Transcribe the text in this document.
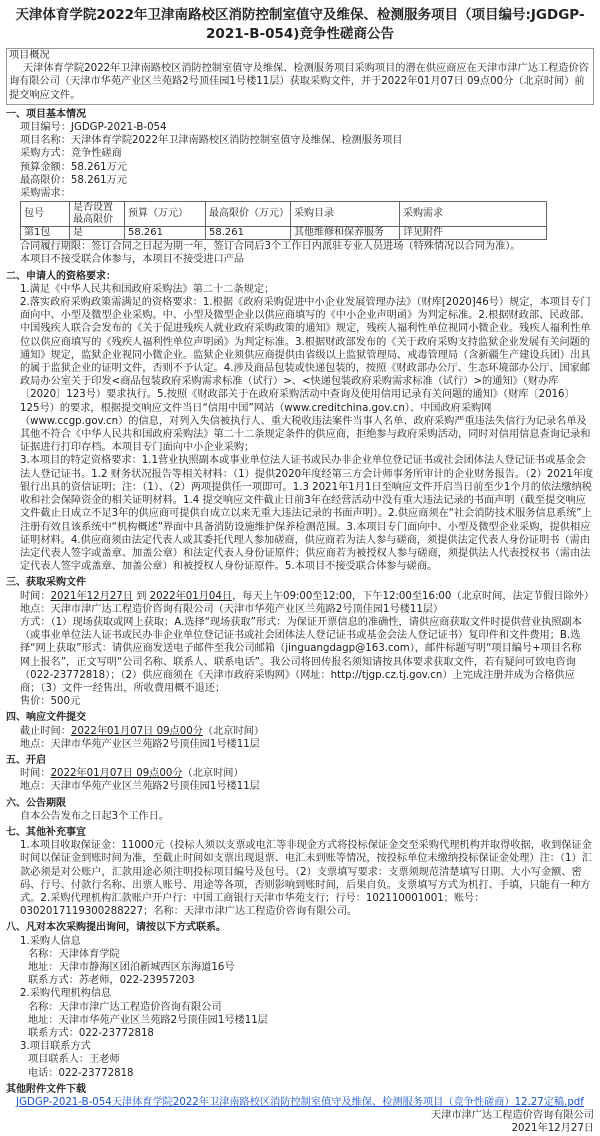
天津体育学院2022年卫津南路校区消防控制室值守及维保、检测服务项目（项目编号:JGDGP-2021-B-054)竞争性磋商公告
项目概况
天津体育学院2022年卫津南路校区消防控制室值守及维保、检测服务项目采购项目的潜在供应商应在天津市津广达工程造价咨询有限公司（天津市华苑产业区兰苑路2号顶佳园1号楼11层）获取采购文件，并于2022年01月07日 09点00分（北京时间）前提交响应文件。
一、项目基本情况
项目编号：JGDGP-2021-B-054
项目名称：天津体育学院2022年卫津南路校区消防控制室值守及维保、检测服务项目
采购方式：竞争性磋商
预算金额：58.261万元
最高限价：58.261万元
采购需求：
包号	是否设置最高限价	预算（万元）	最高限价（万元）	采购目录	采购需求
第1包	是	58.261	58.261	其他维修和保养服务	详见附件
合同履行期限：签订合同之日起为期一年，签订合同后3个工作日内派驻专业人员进场（特殊情况以合同为准）。
本项目不接受联合体参与，本项目不接受进口产品
二、申请人的资格要求：
1.满足《中华人民共和国政府采购法》第二十二条规定；
2.落实政府采购政策需满足的资格要求：1.根据《政府采购促进中小企业发展管理办法》（财库[2020]46号）规定，本项目专门面向中、小型及微型企业采购。中、小型及微型企业以供应商填写的《中小企业声明函》为判定标准。2.根据财政部、民政部、中国残疾人联合会发布的《关于促进残疾人就业政府采购政策的通知》规定，残疾人福利性单位视同小微企业。残疾人福利性单位以供应商填写的《残疾人福利性单位声明函》为判定标准。3.根据财政部发布的《关于政府采购支持监狱企业发展有关问题的通知》规定，监狱企业视同小微企业。监狱企业须供应商提供由省级以上监狱管理局、戒毒管理局（含新疆生产建设兵团）出具的属于监狱企业的证明文件，否则不予认定。4.涉及商品包装或快递包装的，按照《财政部办公厅、生态环境部办公厅、国家邮政局办公室关于印发<商品包装政府采购需求标准（试行）>、<快递包装政府采购需求标准（试行）>的通知》（财办库〔2020〕123号）要求执行。5.按照《财政部关于在政府采购活动中查询及使用信用记录有关问题的通知》（财库〔2016〕125号）的要求，根据提交响应文件当日“信用中国”网站（www.creditchina.gov.cn）、中国政府采购网（www.ccgp.gov.cn）的信息，对列入失信被执行人、重大税收违法案件当事人名单、政府采购严重违法失信行为记录名单及其他不符合《中华人民共和国政府采购法》第二十二条规定条件的供应商，拒绝参与政府采购活动，同时对信用信息查询记录和证据进行打印存档。本项目专门面向中小企业采购；
3.本项目的特定资格要求：1.1营业执照副本或事业单位法人证书或民办非企业单位登记证书或社会团体法人登记证书或基金会法人登记证书。1.2 财务状况报告等相关材料：（1）提供2020年度经第三方会计师事务所审计的企业财务报告。（2）2021年度银行出具的资信证明；注：（1）、（2）两项提供任一项即可。1.3 2021年1月1日至响应文件开启当日前至少1个月的依法缴纳税收和社会保障资金的相关证明材料。1.4 提交响应文件截止日前3年在经营活动中没有重大违法记录的书面声明（截至提交响应文件截止日成立不足3年的供应商可提供自成立以来无重大违法记录的书面声明）。2.供应商须在“社会消防技术服务信息系统”上注册有效且该系统中“机构概述”界面中具备消防设施维护保养检测范围。3.本项目专门面向中、小型及微型企业采购，提供相应证明材料。4.供应商须由法定代表人或其委托代理人参加磋商，供应商若为法人参与磋商，须提供法定代表人身份证明书（需由法定代表人签字或盖章、加盖公章）和法定代表人身份证原件；供应商若为被授权人参与磋商，须提供法人代表授权书（需由法定代表人签字或盖章、加盖公章）和被授权人身份证原件。5.本项目不接受联合体参与磋商。
三、获取采购文件
时间：2021年12月27日 到 2022年01月04日，每天上午09:00至12:00，下午12:00至16:00（北京时间，法定节假日除外）
地点：天津市津广达工程造价咨询有限公司（天津市华苑产业区兰苑路2号顶佳园1号楼11层）
方式：（1）现场获取或网上获取；A.选择“现场获取”形式：为保证开票信息的准确性，请供应商获取文件时提供营业执照副本（或事业单位法人证书或民办非企业单位登记证书或社会团体法人登记证书或基金会法人登记证书）复印件和文件费用；B.选择“网上获取”形式：请供应商发送电子邮件至我公司邮箱（jinguangdagp@163.com），邮件标题写明“项目编号+项目名称 网上报名”，正文写明“公司名称、联系人、联系电话”。我公司将回传报名须知请按具体要求获取文件，若有疑问可致电咨询（022-23772818）；（2）供应商须在《天津市政府采购网》（网址：http://tjgp.cz.tj.gov.cn）上完成注册并成为合格供应商；（3）文件一经售出，所收费用概不退还；
售价：500元
四、响应文件提交
截止时间：2022年01月07日 09点00分（北京时间）
地点：天津市华苑产业区兰苑路2号顶佳园1号楼11层
五、开启
时间：2022年01月07日 09点00分（北京时间）
地点：天津市华苑产业区兰苑路2号顶佳园1号楼11层
六、公告期限
自本公告发布之日起3个工作日。
七、其他补充事宜
1.本项目收取保证金：11000元（投标人须以支票或电汇等非现金方式将投标保证金交至采购代理机构并取得收据，收到保证金时间以保证金到账时间为准，至截止时间如支票出现退票、电汇未到账等情况，按投标单位未缴纳投标保证金处理）注：（1）汇款必须是对公账户，汇款用途必须注明投标项目编号及包号。（2）支票填写要求：支票须规范清楚填写日期、大小写金额、密码、行号、付款行名称、出票人账号、用途等各项，否则影响到账时间，后果自负。支票填写方式为机打、手填，只能有一种方式。2.采购代理机构汇款账户开户行：中国工商银行天津市华苑支行；行号：102110001001；账号：0302017119300288227；名称：天津市津广达工程造价咨询有限公司。
八、凡对本次采购提出询问，请按以下方式联系。
1.采购人信息
名称：天津体育学院
地址：天津市静海区团泊新城西区东海道16号
联系方式：苏老师，022-23957203
2.采购代理机构信息
名称：天津市津广达工程造价咨询有限公司
地址：天津市华苑产业区兰苑路2号顶佳园1号楼11层
联系方式：022-23772818
3.项目联系方式
项目联系人：王老师
电话：022-23772818
其他附件文件下载
JGDGP-2021-B-054天津体育学院2022年卫津南路校区消防控制室值守及维保、检测服务项目（竞争性磋商）12.27定稿.pdf
天津市津广达工程造价咨询有限公司
2021年12月27日
